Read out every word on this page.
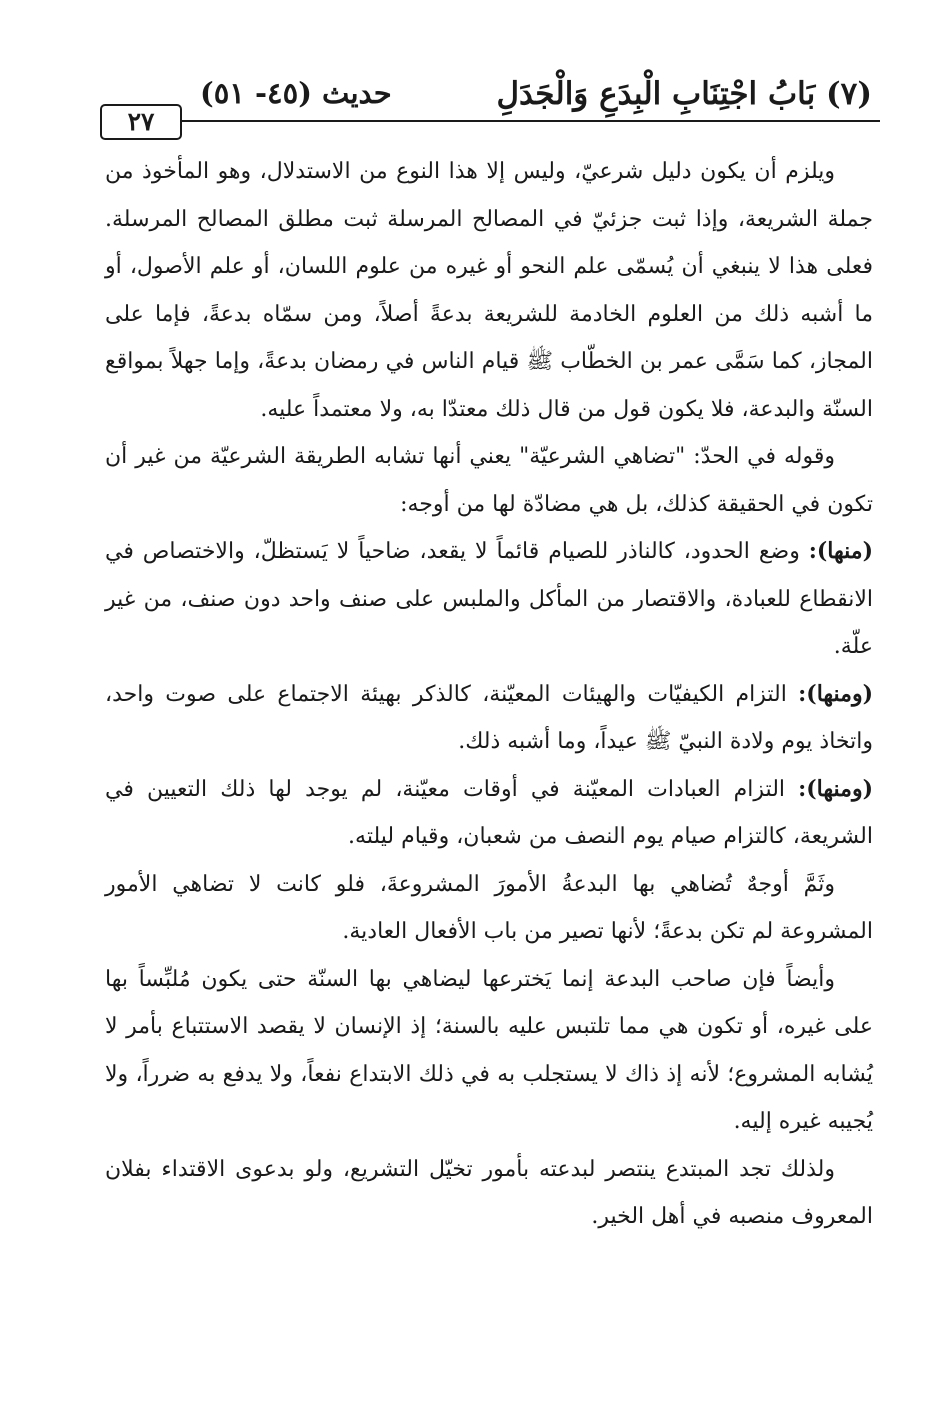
(٧) بَابُ اجْتِنَابِ الْبِدَعِ وَالْجَدَلِ
حديث (٤٥- ٥١)
٢٧

ويلزم أن يكون دليل شرعيّ، وليس إلا هذا النوع من الاستدلال، وهو المأخوذ من جملة الشريعة، وإذا ثبت جزئيّ في المصالح المرسلة ثبت مطلق المصالح المرسلة. فعلى هذا لا ينبغي أن يُسمّى علم النحو أو غيره من علوم اللسان، أو علم الأصول، أو ما أشبه ذلك من العلوم الخادمة للشريعة بدعةً أصلاً، ومن سمّاه بدعةً، فإما على المجاز، كما سَمَّى عمر بن الخطّاب ﷺ قيام الناس في رمضان بدعةً، وإما جهلاً بمواقع السنّة والبدعة، فلا يكون قول من قال ذلك معتدّا به، ولا معتمداً عليه.

وقوله في الحدّ: "تضاهي الشرعيّة" يعني أنها تشابه الطريقة الشرعيّة من غير أن تكون في الحقيقة كذلك، بل هي مضادّة لها من أوجه:

(منها): وضع الحدود، كالناذر للصيام قائماً لا يقعد، ضاحياً لا يَستظلّ، والاختصاص في الانقطاع للعبادة، والاقتصار من المأكل والملبس على صنف واحد دون صنف، من غير علّة.

(ومنها): التزام الكيفيّات والهيئات المعيّنة، كالذكر بهيئة الاجتماع على صوت واحد، واتخاذ يوم ولادة النبيّ ﷺ عيداً، وما أشبه ذلك.

(ومنها): التزام العبادات المعيّنة في أوقات معيّنة، لم يوجد لها ذلك التعيين في الشريعة، كالتزام صيام يوم النصف من شعبان، وقيام ليلته.

وثَمَّ أوجهٌ تُضاهي بها البدعةُ الأمورَ المشروعةَ، فلو كانت لا تضاهي الأمور المشروعة لم تكن بدعةً؛ لأنها تصير من باب الأفعال العادية.

وأيضاً فإن صاحب البدعة إنما يَخترعها ليضاهي بها السنّة حتى يكون مُلبِّساً بها على غيره، أو تكون هي مما تلتبس عليه بالسنة؛ إذ الإنسان لا يقصد الاستتباع بأمر لا يُشابه المشروع؛ لأنه إذ ذاك لا يستجلب به في ذلك الابتداع نفعاً، ولا يدفع به ضرراً، ولا يُجيبه غيره إليه.

ولذلك تجد المبتدع ينتصر لبدعته بأمور تخيّل التشريع، ولو بدعوى الاقتداء بفلان المعروف منصبه في أهل الخير.
